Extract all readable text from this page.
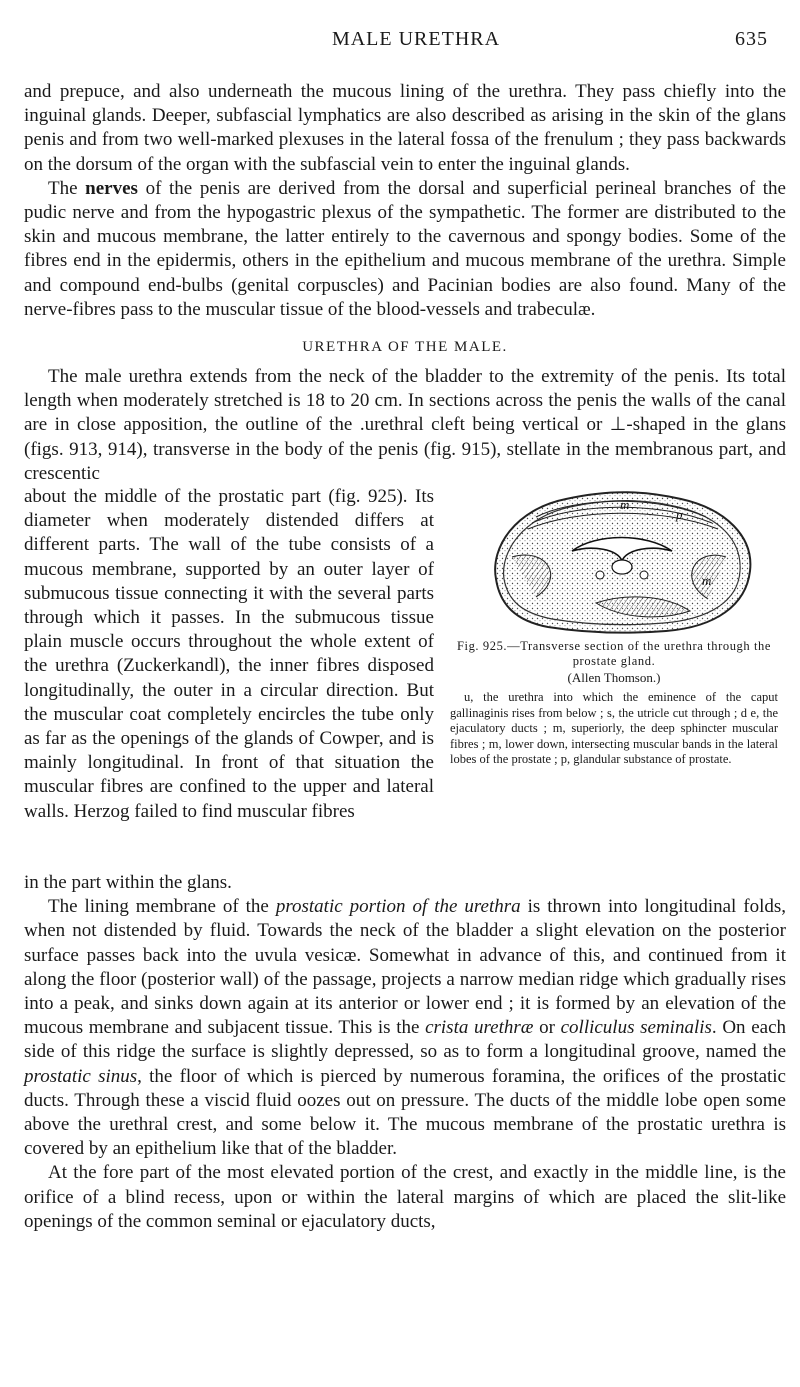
MALE URETHRA	635

and prepuce, and also underneath the mucous lining of the urethra. They pass chiefly into the inguinal glands. Deeper, subfascial lymphatics are also described as arising in the skin of the glans penis and from two well-marked plexuses in the lateral fossa of the frenulum ; they pass backwards on the dorsum of the organ with the subfascial vein to enter the inguinal glands.

The nerves of the penis are derived from the dorsal and superficial perineal branches of the pudic nerve and from the hypogastric plexus of the sympathetic. The former are distributed to the skin and mucous membrane, the latter entirely to the cavernous and spongy bodies. Some of the fibres end in the epidermis, others in the epithelium and mucous membrane of the urethra. Simple and compound end-bulbs (genital corpuscles) and Pacinian bodies are also found. Many of the nerve-fibres pass to the muscular tissue of the blood-vessels and trabeculæ.

URETHRA OF THE MALE.

The male urethra extends from the neck of the bladder to the extremity of the penis. Its total length when moderately stretched is 18 to 20 cm. In sections across the penis the walls of the canal are in close apposition, the outline of the .urethral cleft being vertical or ⊥-shaped in the glans (figs. 913, 914), transverse in the body of the penis (fig. 915), stellate in the membranous part, and crescentic

about the middle of the prostatic part (fig. 925). Its diameter when moderately distended differs at different parts. The wall of the tube consists of a mucous membrane, supported by an outer layer of submucous tissue connecting it with the several parts through which it passes. In the submucous tissue plain muscle occurs throughout the whole extent of the urethra (Zuckerkandl), the inner fibres disposed longitudinally, the outer in a circular direction. But the muscular coat completely encircles the tube only as far as the openings of the glands of Cowper, and is mainly longitudinal. In front of that situation the muscular fibres are confined to the upper and lateral walls. Herzog failed to find muscular fibres

m
p
m
Fig. 925.—Transverse section of the urethra through the prostate gland.
(Allen Thomson.)
u, the urethra into which the eminence of the caput gallinaginis rises from below ; s, the utricle cut through ; d e, the ejaculatory ducts ; m, superiorly, the deep sphincter muscular fibres ; m, lower down, intersecting muscular bands in the lateral lobes of the prostate ; p, glandular substance of prostate.

in the part within the glans.

The lining membrane of the prostatic portion of the urethra is thrown into longitudinal folds, when not distended by fluid. Towards the neck of the bladder a slight elevation on the posterior surface passes back into the uvula vesicæ. Somewhat in advance of this, and continued from it along the floor (posterior wall) of the passage, projects a narrow median ridge which gradually rises into a peak, and sinks down again at its anterior or lower end ; it is formed by an elevation of the mucous membrane and subjacent tissue. This is the crista urethræ or colliculus seminalis. On each side of this ridge the surface is slightly depressed, so as to form a longitudinal groove, named the prostatic sinus, the floor of which is pierced by numerous foramina, the orifices of the prostatic ducts. Through these a viscid fluid oozes out on pressure. The ducts of the middle lobe open some above the urethral crest, and some below it. The mucous membrane of the prostatic urethra is covered by an epithelium like that of the bladder.

At the fore part of the most elevated portion of the crest, and exactly in the middle line, is the orifice of a blind recess, upon or within the lateral margins of which are placed the slit-like openings of the common seminal or ejaculatory ducts,
